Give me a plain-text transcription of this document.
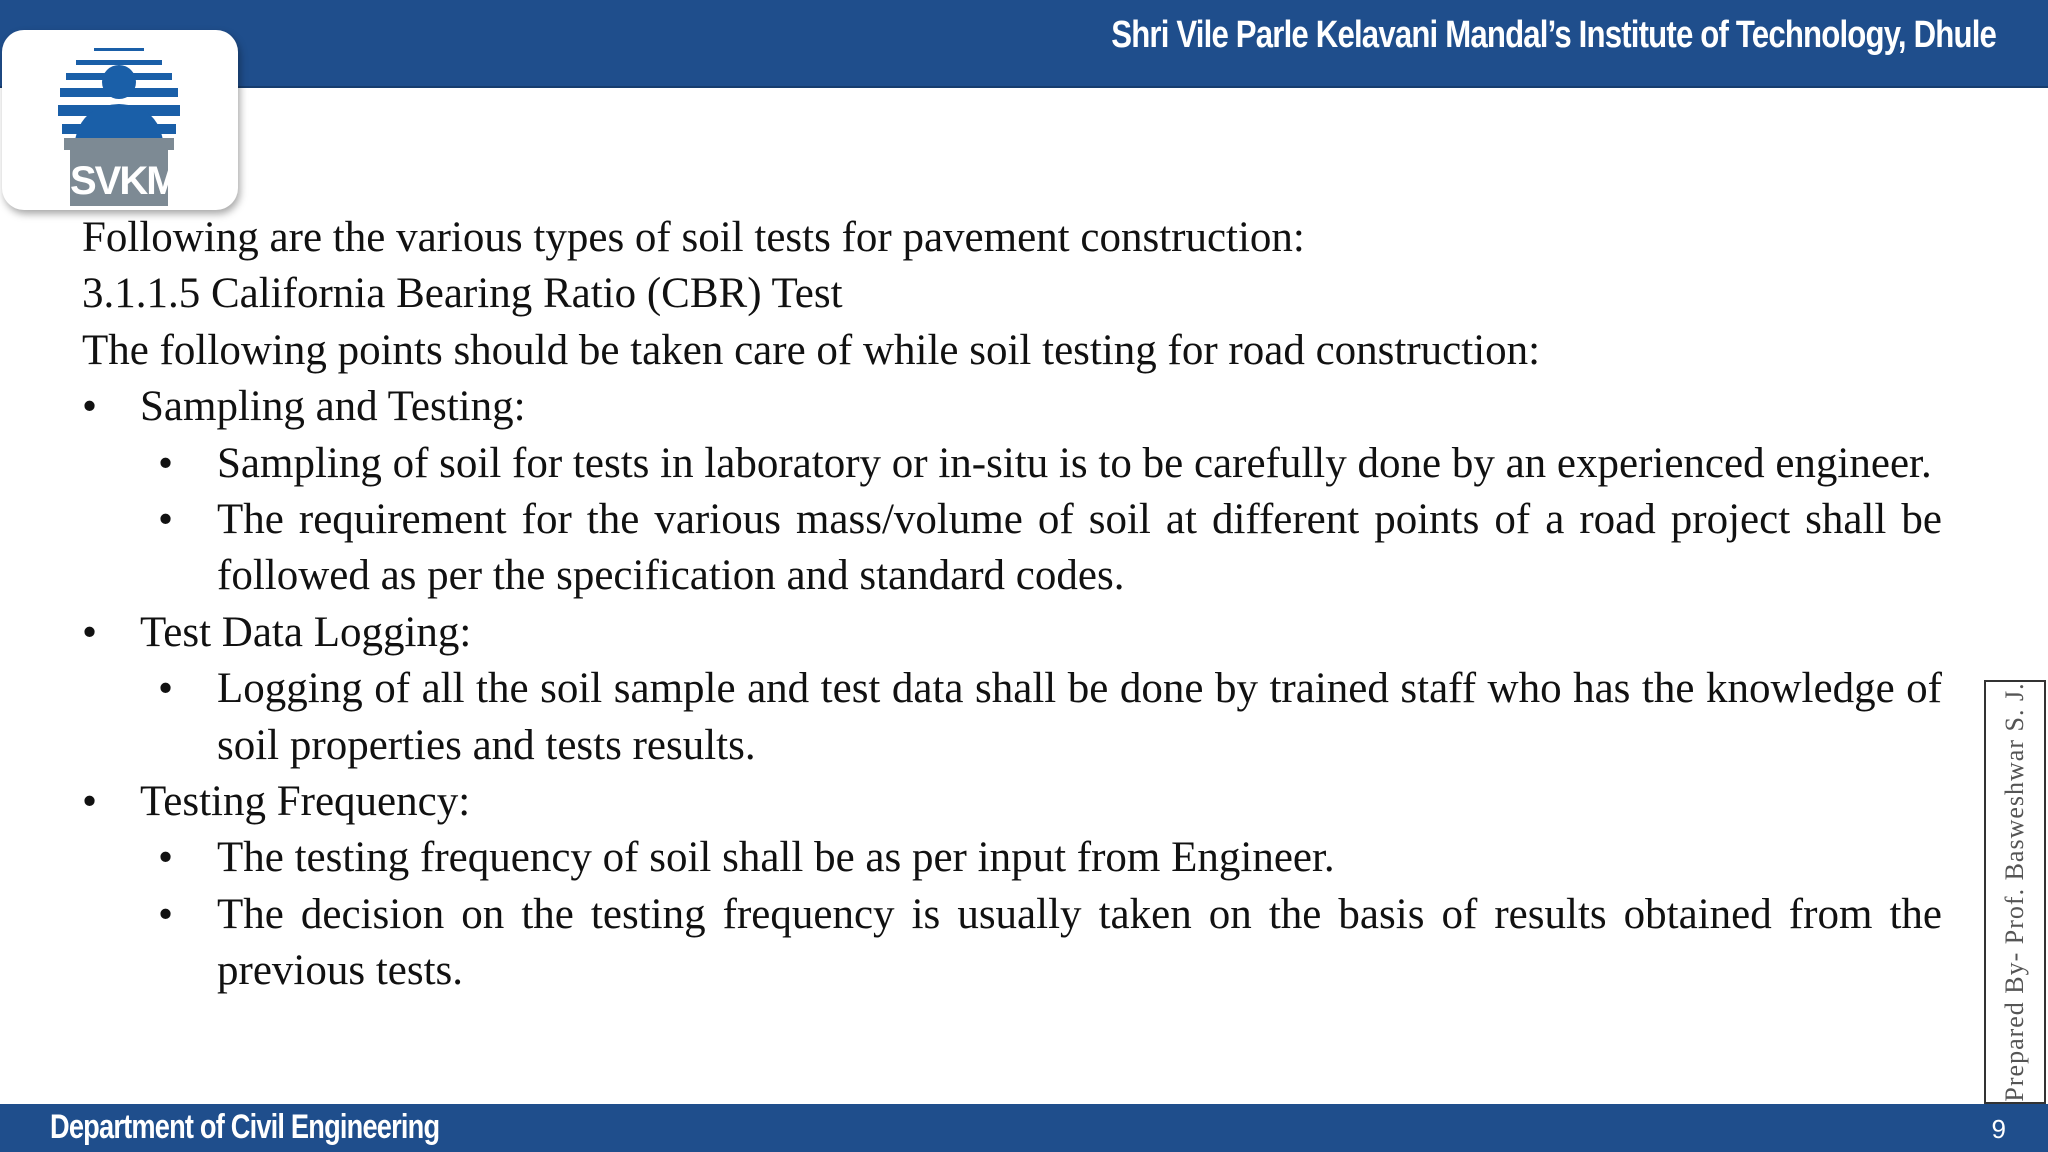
Shri Vile Parle Kelavani Mandal’s Institute of Technology, Dhule
SVKM
Following are the various types of soil tests for pavement construction:
3.1.1.5 California Bearing Ratio (CBR) Test
The following points should be taken care of while soil testing for road construction:
• Sampling and Testing:
• Sampling of soil for tests in laboratory or in-situ is to be carefully done by an experienced engineer.
• The requirement for the various mass/volume of soil at different points of a road project shall be followed as per the specification and standard codes.
• Test Data Logging:
• Logging of all the soil sample and test data shall be done by trained staff who has the knowledge of soil properties and tests results.
• Testing Frequency:
• The testing frequency of soil shall be as per input from Engineer.
• The decision on the testing frequency is usually taken on the basis of results obtained from the previous tests.	Prepared By- Prof. Basweshwar S. J.
Department of Civil Engineering	9
